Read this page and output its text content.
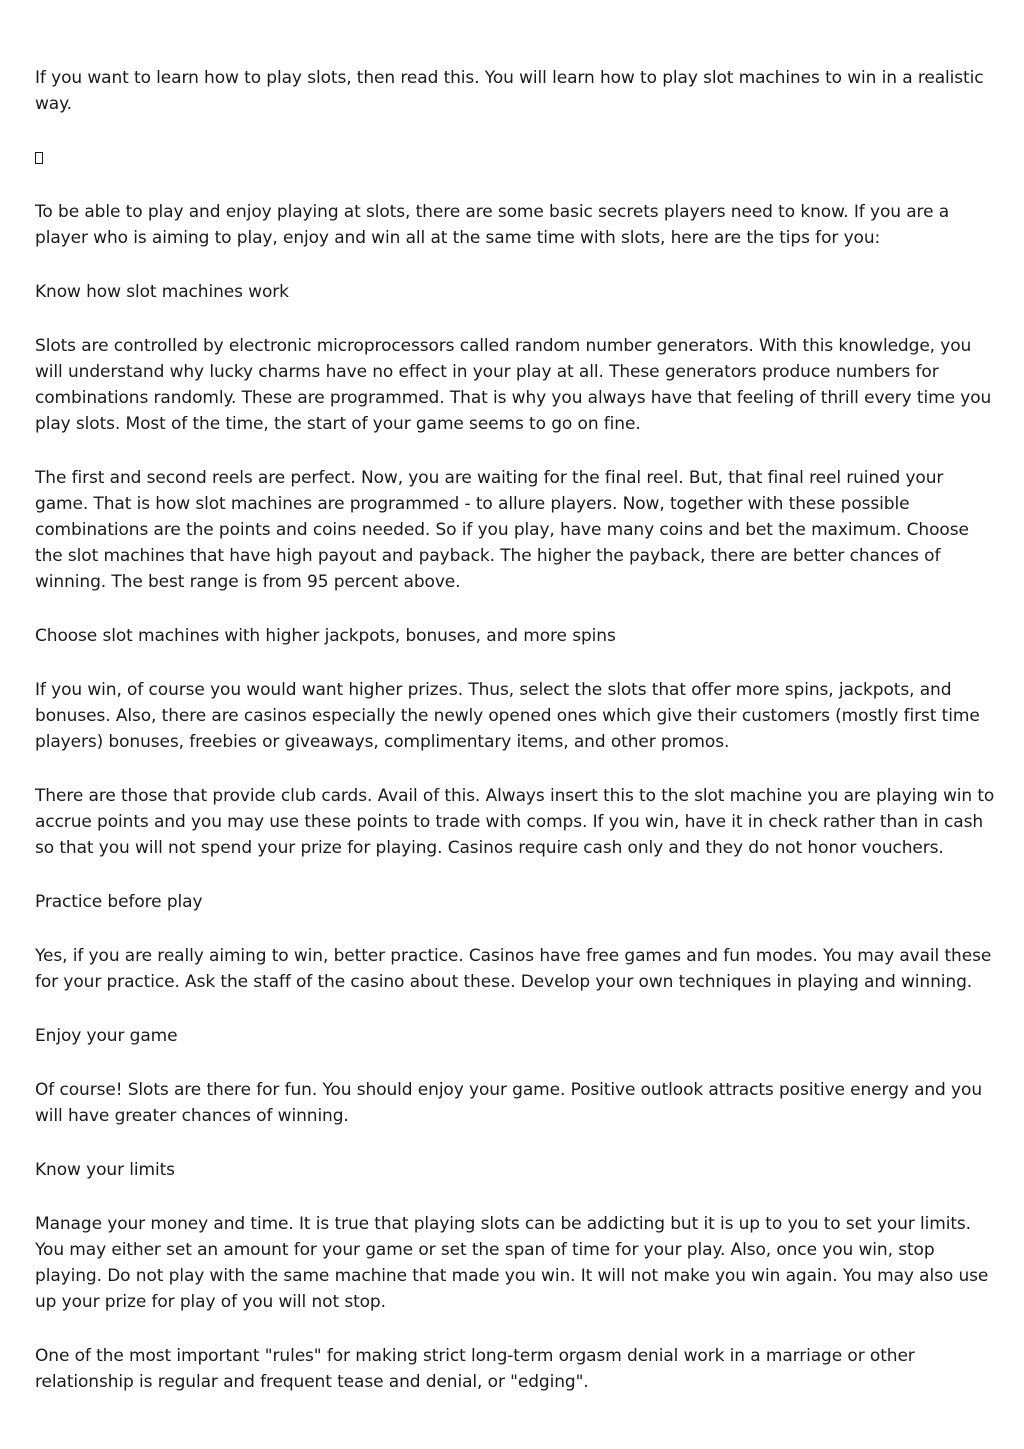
If you want to learn how to play slots, then read this. You will learn how to play slot machines to win in a realistic way.

To be able to play and enjoy playing at slots, there are some basic secrets players need to know. If you are a player who is aiming to play, enjoy and win all at the same time with slots, here are the tips for you:

Know how slot machines work

Slots are controlled by electronic microprocessors called random number generators. With this knowledge, you will understand why lucky charms have no effect in your play at all. These generators produce numbers for combinations randomly. These are programmed. That is why you always have that feeling of thrill every time you play slots. Most of the time, the start of your game seems to go on fine.

The first and second reels are perfect. Now, you are waiting for the final reel. But, that final reel ruined your game. That is how slot machines are programmed - to allure players. Now, together with these possible combinations are the points and coins needed. So if you play, have many coins and bet the maximum. Choose the slot machines that have high payout and payback. The higher the payback, there are better chances of winning. The best range is from 95 percent above.

Choose slot machines with higher jackpots, bonuses, and more spins

If you win, of course you would want higher prizes. Thus, select the slots that offer more spins, jackpots, and bonuses. Also, there are casinos especially the newly opened ones which give their customers (mostly first time players) bonuses, freebies or giveaways, complimentary items, and other promos.

There are those that provide club cards. Avail of this. Always insert this to the slot machine you are playing win to accrue points and you may use these points to trade with comps. If you win, have it in check rather than in cash so that you will not spend your prize for playing. Casinos require cash only and they do not honor vouchers.

Practice before play

Yes, if you are really aiming to win, better practice. Casinos have free games and fun modes. You may avail these for your practice. Ask the staff of the casino about these. Develop your own techniques in playing and winning.

Enjoy your game

Of course! Slots are there for fun. You should enjoy your game. Positive outlook attracts positive energy and you will have greater chances of winning.

Know your limits

Manage your money and time. It is true that playing slots can be addicting but it is up to you to set your limits. You may either set an amount for your game or set the span of time for your play. Also, once you win, stop playing. Do not play with the same machine that made you win. It will not make you win again. You may also use up your prize for play of you will not stop.

One of the most important "rules" for making strict long-term orgasm denial work in a marriage or other relationship is regular and frequent tease and denial, or "edging".
